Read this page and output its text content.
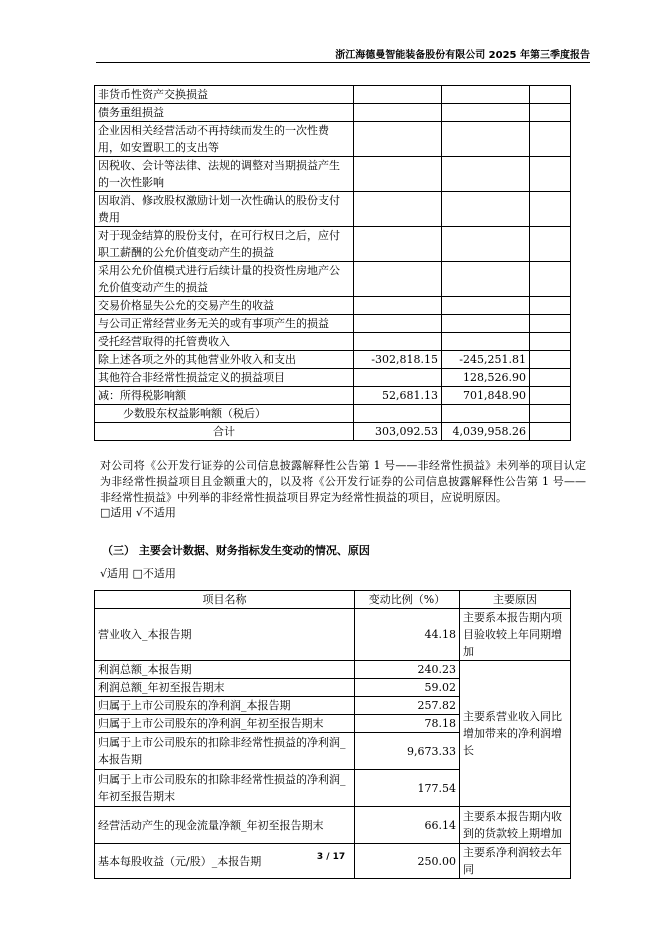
浙江海德曼智能装备股份有限公司 2025 年第三季度报告
非货币性资产交换损益			
债务重组损益			
企业因相关经营活动不再持续而发生的一次性费用，如安置职工的支出等			
因税收、会计等法律、法规的调整对当期损益产生的一次性影响			
因取消、修改股权激励计划一次性确认的股份支付费用			
对于现金结算的股份支付，在可行权日之后，应付职工薪酬的公允价值变动产生的损益			
采用公允价值模式进行后续计量的投资性房地产公允价值变动产生的损益			
交易价格显失公允的交易产生的收益			
与公司正常经营业务无关的或有事项产生的损益			
受托经营取得的托管费收入			
除上述各项之外的其他营业外收入和支出	-302,818.15	-245,251.81	
其他符合非经常性损益定义的损益项目		128,526.90	
减：所得税影响额	52,681.13	701,848.90	
少数股东权益影响额（税后）			
合计	303,092.53	4,039,958.26	
对公司将《公开发行证券的公司信息披露解释性公告第 1 号——非经常性损益》未列举的项目认定为非经常性损益项目且金额重大的，以及将《公开发行证券的公司信息披露解释性公告第 1 号——非经常性损益》中列举的非经常性损益项目界定为经常性损益的项目，应说明原因。
□适用 √不适用
（三） 主要会计数据、财务指标发生变动的情况、原因
√适用 □不适用
项目名称	变动比例（%）	主要原因
营业收入_本报告期	44.18	主要系本报告期内项目验收较上年同期增加
利润总额_本报告期	240.23	主要系营业收入同比增加带来的净利润增长
利润总额_年初至报告期末	59.02	
归属于上市公司股东的净利润_本报告期	257.82	
归属于上市公司股东的净利润_年初至报告期末	78.18	
归属于上市公司股东的扣除非经常性损益的净利润_本报告期	9,673.33	
归属于上市公司股东的扣除非经常性损益的净利润_年初至报告期末	177.54	
经营活动产生的现金流量净额_年初至报告期末	66.14	主要系本报告期内收到的货款较上期增加
基本每股收益（元/股）_本报告期	250.00	主要系净利润较去年同
3 / 17
